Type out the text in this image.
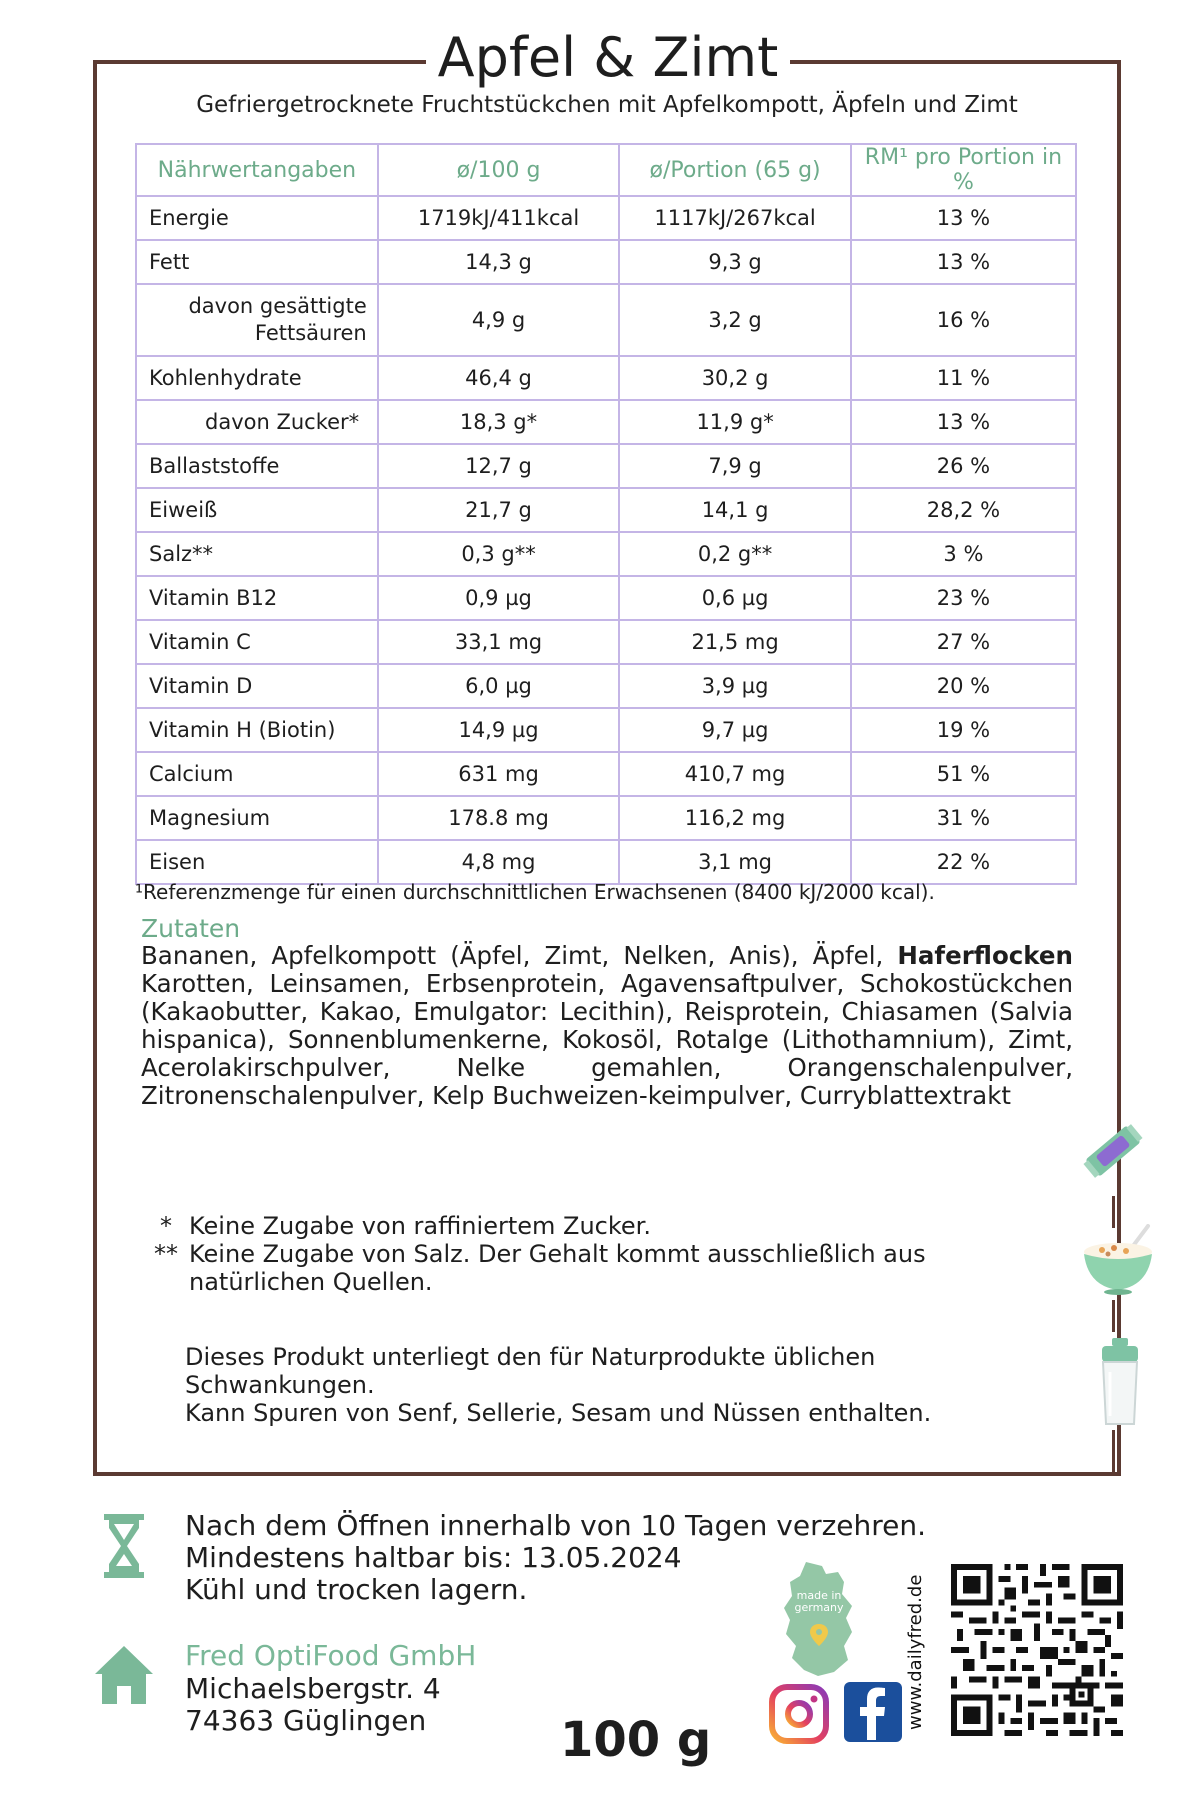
Apfel & Zimt
Gefriergetrocknete Fruchtstückchen mit Apfelkompott, Äpfeln und Zimt
Nährwertangaben	ø/100 g	ø/Portion (65 g)	RM¹ pro Portion in %
Energie	1719kJ/411kcal	1117kJ/267kcal	13 %
Fett	14,3 g	9,3 g	13 %
davon gesättigte
Fettsäuren	4,9 g	3,2 g	16 %
Kohlenhydrate	46,4 g	30,2 g	11 %
davon Zucker*	18,3 g*	11,9 g*	13 %
Ballaststoffe	12,7 g	7,9 g	26 %
Eiweiß	21,7 g	14,1 g	28,2 %
Salz**	0,3 g**	0,2 g**	3 %
Vitamin B12	0,9 µg	0,6 µg	23 %
Vitamin C	33,1 mg	21,5 mg	27 %
Vitamin D	6,0 µg	3,9 µg	20 %
Vitamin H (Biotin)	14,9 µg	9,7 µg	19 %
Calcium	631 mg	410,7 mg	51 %
Magnesium	178.8 mg	116,2 mg	31 %
Eisen	4,8 mg	3,1 mg	22 %
¹Referenzmenge für einen durchschnittlichen Erwachsenen (8400 kJ/2000 kcal).
Zutaten
Bananen, Apfelkompott (Äpfel, Zimt, Nelken, Anis), Äpfel, Haferflocken Karotten, Leinsamen, Erbsenprotein, Agavensaftpulver, Schokostückchen (Kakaobutter, Kakao, Emulgator: Lecithin), Reisprotein, Chiasamen (Salvia hispanica), Sonnenblumenkerne, Kokosöl, Rotalge (Lithothamnium), Zimt, Acerolakirschpulver, Nelke gemahlen, Orangenschalenpulver, Zitronenschalenpulver, Kelp Buchweizen-keimpulver, Curryblattextrakt
* Keine Zugabe von raffiniertem Zucker.
** Keine Zugabe von Salz. Der Gehalt kommt ausschließlich aus natürlichen Quellen.
Dieses Produkt unterliegt den für Naturprodukte üblichen Schwankungen.
Kann Spuren von Senf, Sellerie, Sesam und Nüssen enthalten.
Nach dem Öffnen innerhalb von 10 Tagen verzehren.
Mindestens haltbar bis: 13.05.2024
Kühl und trocken lagern.
Fred OptiFood GmbH
Michaelsbergstr. 4
74363 Güglingen	100 g
made in
germany	www.dailyfred.de
